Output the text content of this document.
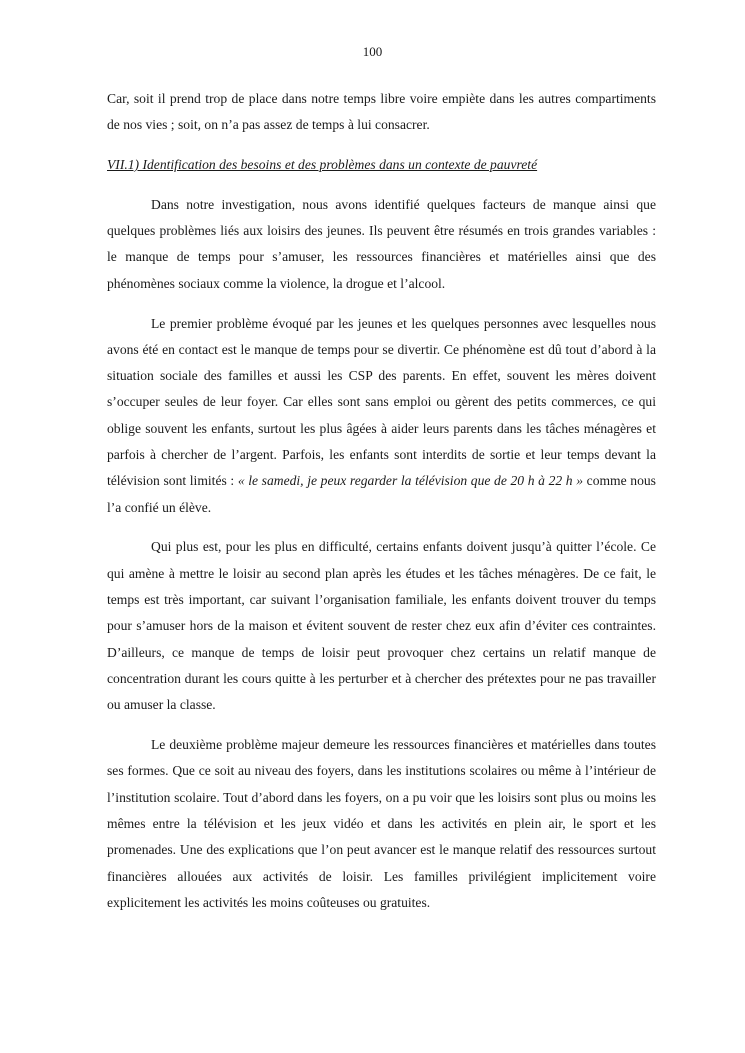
100

Car, soit il prend trop de place dans notre temps libre voire empiète dans les autres compartiments de nos vies ; soit, on n’a pas assez de temps à lui consacrer.

VII.1) Identification des besoins et des problèmes dans un contexte de pauvreté

Dans notre investigation, nous avons identifié quelques facteurs de manque ainsi que quelques problèmes liés aux loisirs des jeunes. Ils peuvent être résumés en trois grandes variables : le manque de temps pour s’amuser, les ressources financières et matérielles ainsi que des phénomènes sociaux comme la violence, la drogue et l’alcool.

Le premier problème évoqué par les jeunes et les quelques personnes avec lesquelles nous avons été en contact est le manque de temps pour se divertir. Ce phénomène est dû tout d’abord à la situation sociale des familles et aussi les CSP des parents. En effet, souvent les mères doivent s’occuper seules de leur foyer. Car elles sont sans emploi ou gèrent des petits commerces, ce qui oblige souvent les enfants, surtout les plus âgées à aider leurs parents dans les tâches ménagères et parfois à chercher de l’argent. Parfois, les enfants sont interdits de sortie et leur temps devant la télévision sont limités : « le samedi, je peux regarder la télévision que de 20 h à 22 h » comme nous l’a confié un élève.

Qui plus est, pour les plus en difficulté, certains enfants doivent jusqu’à quitter l’école. Ce qui amène à mettre le loisir au second plan après les études et les tâches ménagères. De ce fait, le temps est très important, car suivant l’organisation familiale, les enfants doivent trouver du temps pour s’amuser hors de la maison et évitent souvent de rester chez eux afin d’éviter ces contraintes. D’ailleurs, ce manque de temps de loisir peut provoquer chez certains un relatif manque de concentration durant les cours quitte à les perturber et à chercher des prétextes pour ne pas travailler ou amuser la classe.

Le deuxième problème majeur demeure les ressources financières et matérielles dans toutes ses formes. Que ce soit au niveau des foyers, dans les institutions scolaires ou même à l’intérieur de l’institution scolaire. Tout d’abord dans les foyers, on a pu voir que les loisirs sont plus ou moins les mêmes entre la télévision et les jeux vidéo et dans les activités en plein air, le sport et les promenades. Une des explications que l’on peut avancer est le manque relatif des ressources surtout financières allouées aux activités de loisir. Les familles privilégient implicitement voire explicitement les activités les moins coûteuses ou gratuites.
